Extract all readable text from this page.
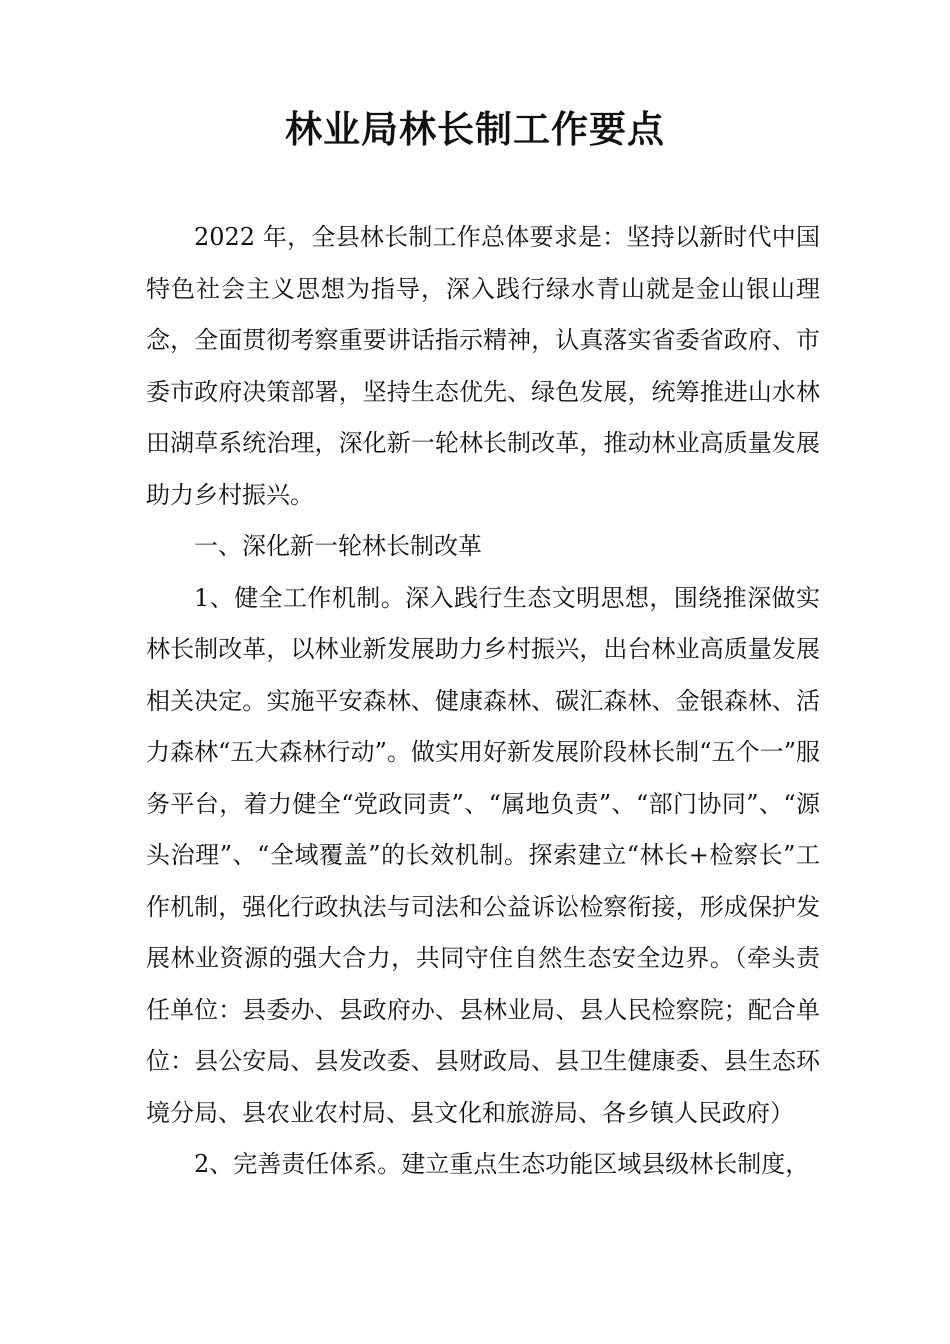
林业局林长制工作要点

2022 年，全县林长制工作总体要求是：坚持以新时代中国特色社会主义思想为指导，深入践行绿水青山就是金山银山理念，全面贯彻考察重要讲话指示精神，认真落实省委省政府、市委市政府决策部署，坚持生态优先、绿色发展，统筹推进山水林田湖草系统治理，深化新一轮林长制改革，推动林业高质量发展助力乡村振兴。

一、深化新一轮林长制改革

1、健全工作机制。深入践行生态文明思想，围绕推深做实林长制改革，以林业新发展助力乡村振兴，出台林业高质量发展相关决定。实施平安森林、健康森林、碳汇森林、金银森林、活力森林“五大森林行动”。做实用好新发展阶段林长制“五个一”服务平台，着力健全“党政同责”、“属地负责”、“部门协同”、“源头治理”、“全域覆盖”的长效机制。探索建立“林长+检察长”工作机制，强化行政执法与司法和公益诉讼检察衔接，形成保护发展林业资源的强大合力，共同守住自然生态安全边界。（牵头责任单位：县委办、县政府办、县林业局、县人民检察院；配合单位：县公安局、县发改委、县财政局、县卫生健康委、县生态环境分局、县农业农村局、县文化和旅游局、各乡镇人民政府）

2、完善责任体系。建立重点生态功能区域县级林长制度，
